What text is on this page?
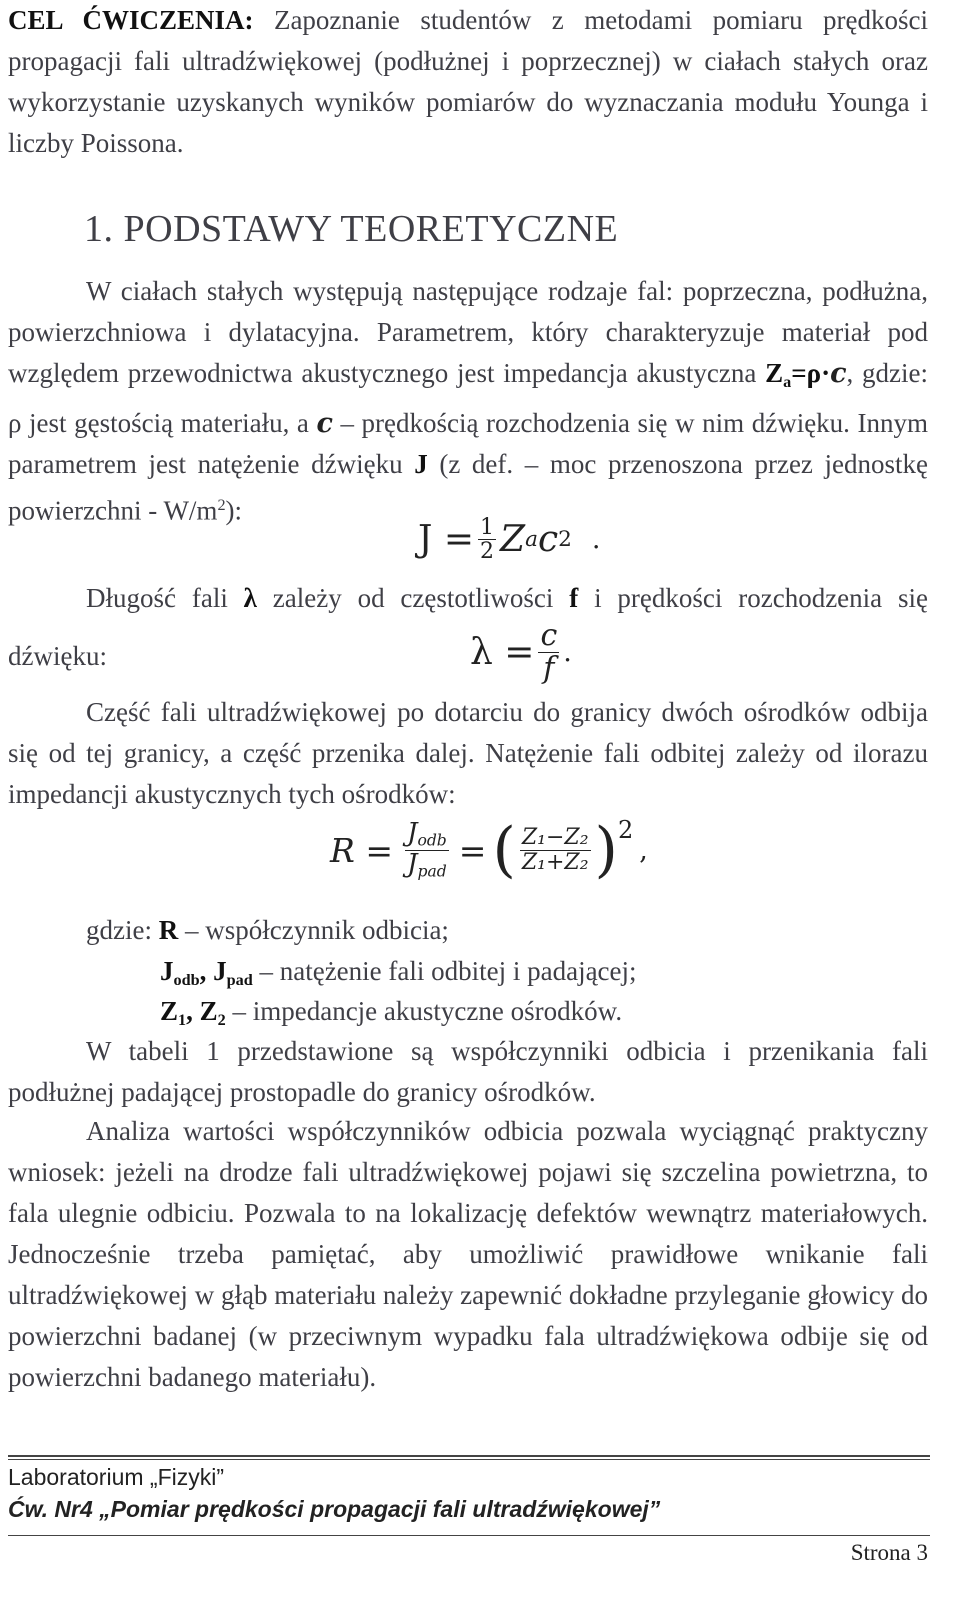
CEL ĆWICZENIA: Zapoznanie studentów z metodami pomiaru prędkości propagacji fali ultradźwiękowej (podłużnej i poprzecznej) w ciałach stałych oraz wykorzystanie uzyskanych wyników pomiarów do wyznaczania modułu Younga i liczby Poissona.

1. PODSTAWY TEORETYCZNE

W ciałach stałych występują następujące rodzaje fal: poprzeczna, podłużna, powierzchniowa i dylatacyjna. Parametrem, który charakteryzuje materiał pod względem przewodnictwa akustycznego jest impedancja akustyczna $Z_a=\rho\cdot c$, gdzie: ρ jest gęstością materiału, a c – prędkością rozchodzenia się w nim dźwięku. Innym parametrem jest natężenie dźwięku J (z def. – moc przenoszona przez jednostkę powierzchni - $W/m^2$):

$J = \frac{1}{2}$ Z a c 2 .

Długość fali λ zależy od częstotliwości f i prędkości rozchodzenia się

dźwięku:	$\lambda = \frac{c}{f}$ .

Część fali ultradźwiękowej po dotarciu do granicy dwóch ośrodków odbija się od tej granicy, a część przenika dalej. Natężenie fali odbitej zależy od ilorazu impedancji akustycznych tych ośrodków:

$R = \frac{J_{odb}}{J_{pad}}$ = ( $\frac{\text{Z₁−Z₂}}{\text{Z₁+Z₂}} )^2$
,

gdzie: R – współczynnik odbicia;

$J_{odb}$, $J_{pad}$ – natężenie fali odbitej i padającej;

$Z_1$, $Z_2$ – impedancje akustyczne ośrodków.

W tabeli 1 przedstawione są współczynniki odbicia i przenikania fali podłużnej padającej prostopadle do granicy ośrodków.

Analiza wartości współczynników odbicia pozwala wyciągnąć praktyczny wniosek: jeżeli na drodze fali ultradźwiękowej pojawi się szczelina powietrzna, to fala ulegnie odbiciu. Pozwala to na lokalizację defektów wewnątrz materiałowych. Jednocześnie trzeba pamiętać, aby umożliwić prawidłowe wnikanie fali ultradźwiękowej w głąb materiału należy zapewnić dokładne przyleganie głowicy do powierzchni badanej (w przeciwnym wypadku fala ultradźwiękowa odbije się od powierzchni badanego materiału).

Laboratorium „Fizyki”
Ćw. Nr4 „Pomiar prędkości propagacji fali ultradźwiękowej”
Strona 3
